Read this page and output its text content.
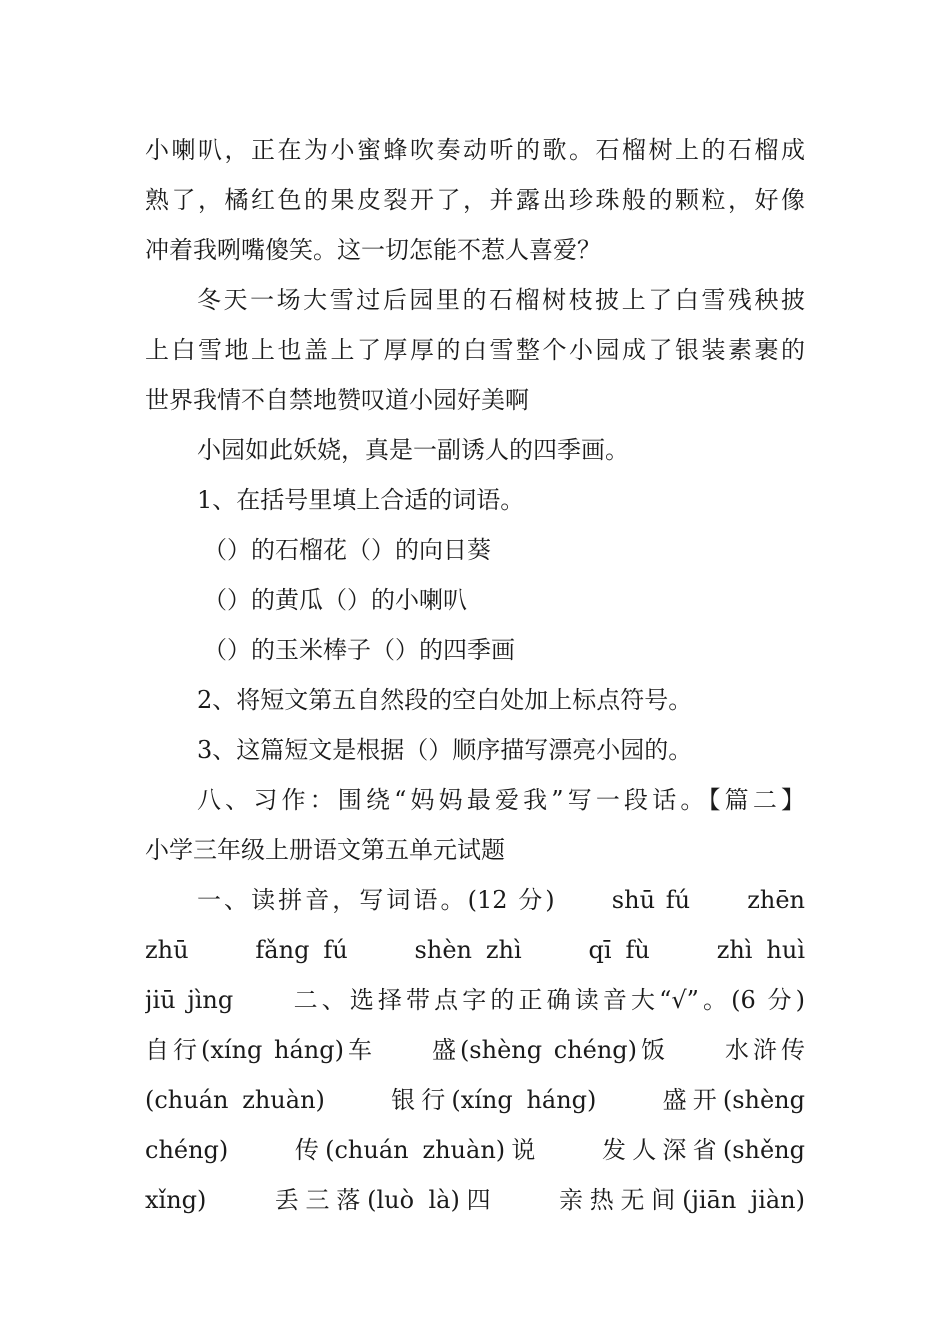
小喇叭，正在为小蜜蜂吹奏动听的歌。石榴树上的石榴成
熟了，橘红色的果皮裂开了，并露出珍珠般的颗粒，好像
冲着我咧嘴傻笑。这一切怎能不惹人喜爱？
冬天一场大雪过后园里的石榴树枝披上了白雪残秧披
上白雪地上也盖上了厚厚的白雪整个小园成了银装素裹的
世界我情不自禁地赞叹道小园好美啊
小园如此妖娆，真是一副诱人的四季画。
1、在括号里填上合适的词语。
（）的石榴花（）的向日葵
（）的黄瓜（）的小喇叭
（）的玉米棒子（）的四季画
2、将短文第五自然段的空白处加上标点符号。
3、这篇短文是根据（）顺序描写漂亮小园的。
八、习作：围绕“妈妈最爱我”写一段话。【篇二】
小学三年级上册语文第五单元试题
一、读拼音，写词语。(12 分)　　shū fú　　zhēn
zhū　　fǎng fú　　shèn zhì　　qī fù　　zhì huì
jiū jìng　　二、选择带点字的正确读音大“√”。(6 分)
自行(xíng háng)车　　盛(shèng chéng)饭　　水浒传
(chuán zhuàn)　　银行(xíng háng)　　盛开(shèng
chéng)　　传(chuán zhuàn)说　　发人深省(shěng
xǐng)　　丢三落(luò là)四　　亲热无间(jiān jiàn)
